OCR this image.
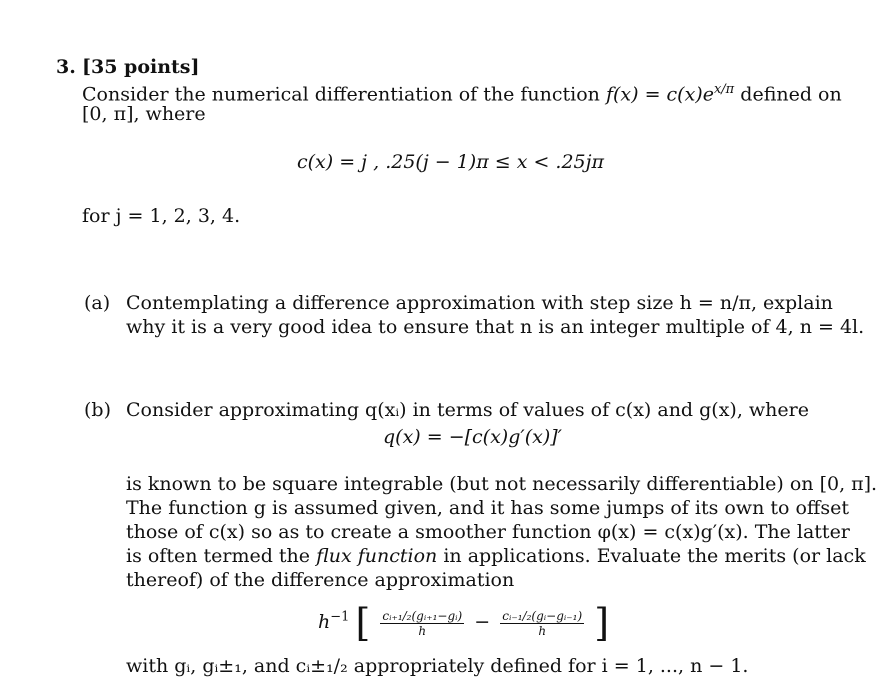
3. [35 points]
Consider the numerical differentiation of the function $f(x) = c(x)e^{x/\pi}$ defined on
[0, π], where
c(x) = j , .25(j − 1)π ≤ x < .25jπ
for j = 1, 2, 3, 4.
(a) Contemplating a difference approximation with step size h = n/π, explain
why it is a very good idea to ensure that n is an integer multiple of 4, n = 4l.
(b) Consider approximating q(xᵢ) in terms of values of c(x) and g(x), where
q(x) = −[c(x)g′(x)]′
is known to be square integrable (but not necessarily differentiable) on [0, π].
The function g is assumed given, and it has some jumps of its own to offset
those of c(x) so as to create a smoother function φ(x) = c(x)g′(x). The latter
is often termed the flux function in applications. Evaluate the merits (or lack
thereof) of the difference approximation
$h^{-1}$ [ $\frac{\text{cᵢ₊₁/₂(gᵢ₊₁−gᵢ)}}{h} - \frac{\text{cᵢ₋₁/₂(gᵢ−gᵢ₋₁)}}{h}$ ]
with gᵢ, gᵢ±₁, and cᵢ±₁/₂ appropriately defined for i = 1, ..., n − 1.
